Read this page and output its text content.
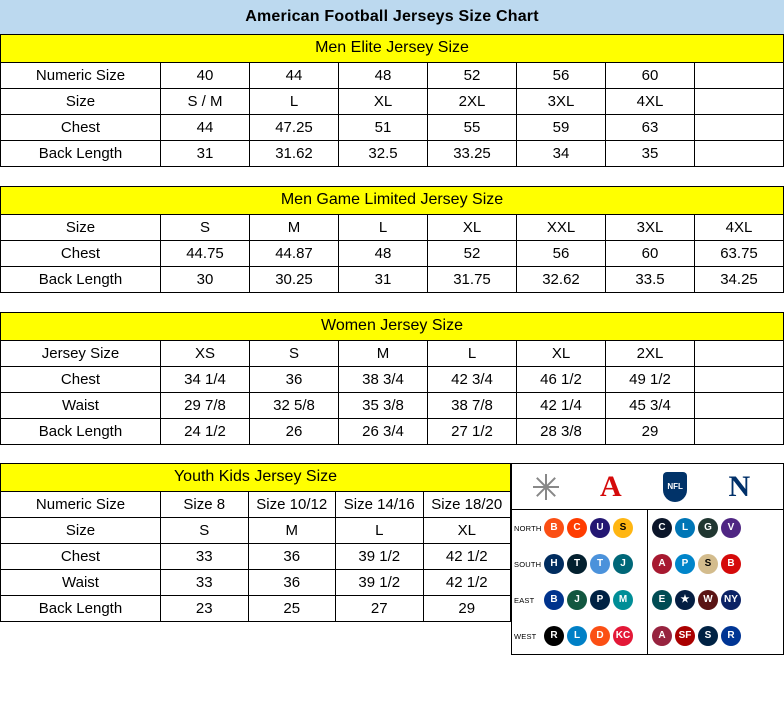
American Football Jerseys Size Chart
Men Elite Jersey Size
Numeric Size	40	44	48	52	56	60	
Size	S / M	L	XL	2XL	3XL	4XL	
Chest	44	47.25	51	55	59	63	
Back Length	31	31.62	32.5	33.25	34	35	
Men Game Limited Jersey Size
Size	S	M	L	XL	XXL	3XL	4XL
Chest	44.75	44.87	48	52	56	60	63.75
Back Length	30	30.25	31	31.75	32.62	33.5	34.25
Women Jersey Size
Jersey Size	XS	S	M	L	XL	2XL	
Chest	34 1/4	36	38 3/4	42 3/4	46 1/2	49 1/2	
Waist	29 7/8	32 5/8	35 3/8	38 7/8	42 1/4	45 3/4	
Back Length	24 1/2	26	26 3/4	27 1/2	28 3/8	29	
Youth Kids Jersey Size
Numeric Size	Size 8	Size 10/12	Size 14/16	Size 18/20
Size	S	M	L	XL
Chest	33	36	39 1/2	42 1/2
Waist	33	36	39 1/2	42 1/2
Back Length	23	25	27	29
A	NFL	N
NORTH B	C	U	S
SOUTH H	T	T	J
EAST	B	J	P	M
WEST	R	L	D	KC
C	L	G	V
A	P	S	B
E	★	W	NY
A	SF	S	R
